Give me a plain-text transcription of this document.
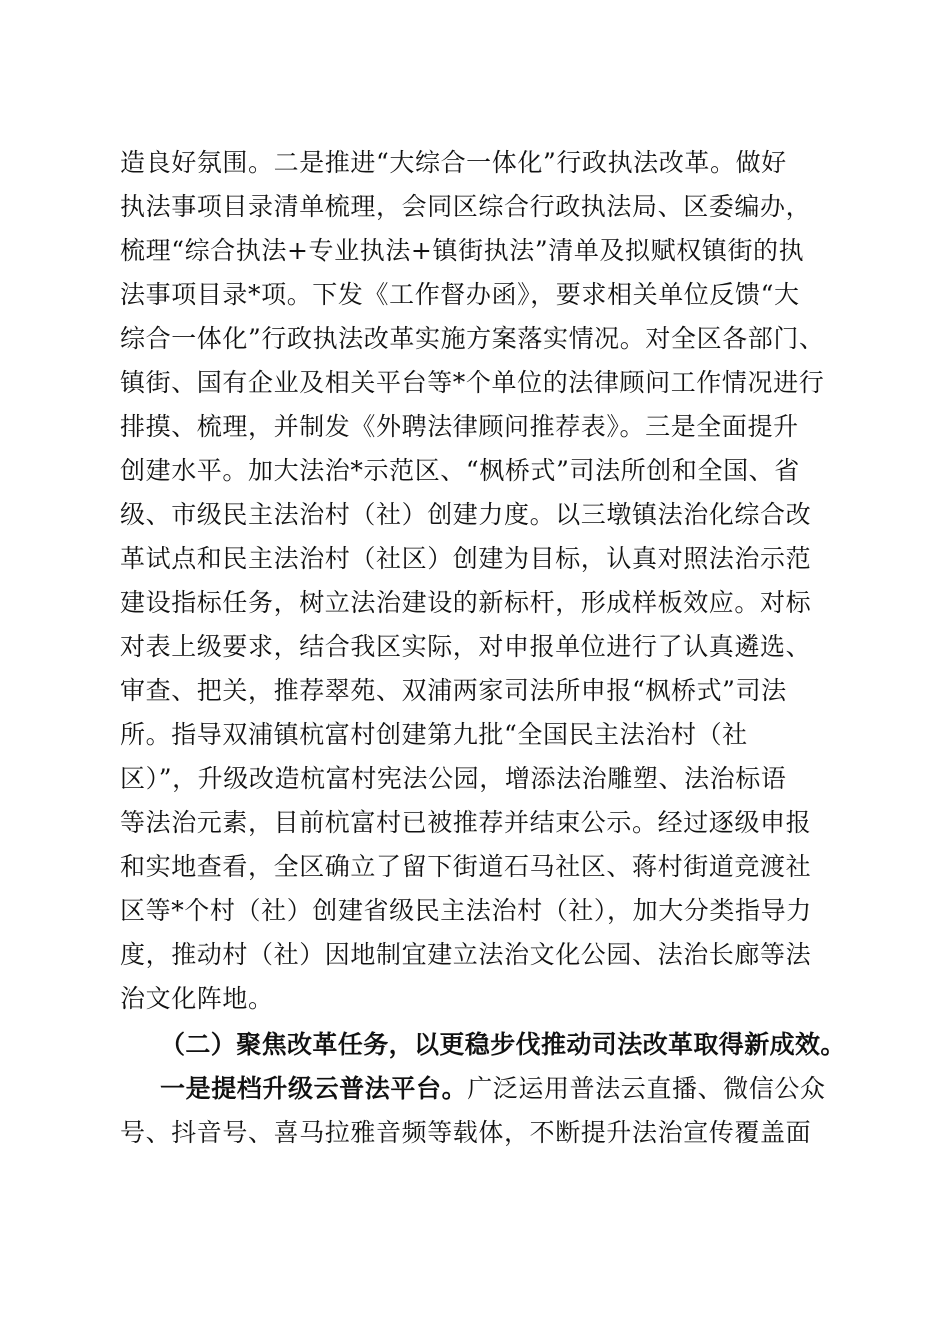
造良好氛围。二是推进“大综合一体化”行政执法改革。做好
执法事项目录清单梳理，会同区综合行政执法局、区委编办，
梳理“综合执法+专业执法+镇街执法”清单及拟赋权镇街的执
法事项目录*项。下发《工作督办函》，要求相关单位反馈“大
综合一体化”行政执法改革实施方案落实情况。对全区各部门、
镇街、国有企业及相关平台等*个单位的法律顾问工作情况进行
排摸、梳理，并制发《外聘法律顾问推荐表》。三是全面提升
创建水平。加大法治*示范区、“枫桥式”司法所创和全国、省
级、市级民主法治村（社）创建力度。以三墩镇法治化综合改
革试点和民主法治村（社区）创建为目标，认真对照法治示范
建设指标任务，树立法治建设的新标杆，形成样板效应。对标
对表上级要求，结合我区实际，对申报单位进行了认真遴选、
审查、把关，推荐翠苑、双浦两家司法所申报“枫桥式”司法
所。指导双浦镇杭富村创建第九批“全国民主法治村（社
区）”，升级改造杭富村宪法公园，增添法治雕塑、法治标语
等法治元素，目前杭富村已被推荐并结束公示。经过逐级申报
和实地查看，全区确立了留下街道石马社区、蒋村街道竞渡社
区等*个村（社）创建省级民主法治村（社），加大分类指导力
度，推动村（社）因地制宜建立法治文化公园、法治长廊等法
治文化阵地。
（二）聚焦改革任务，以更稳步伐推动司法改革取得新成效。
一是提档升级云普法平台。广泛运用普法云直播、微信公众
号、抖音号、喜马拉雅音频等载体，不断提升法治宣传覆盖面
